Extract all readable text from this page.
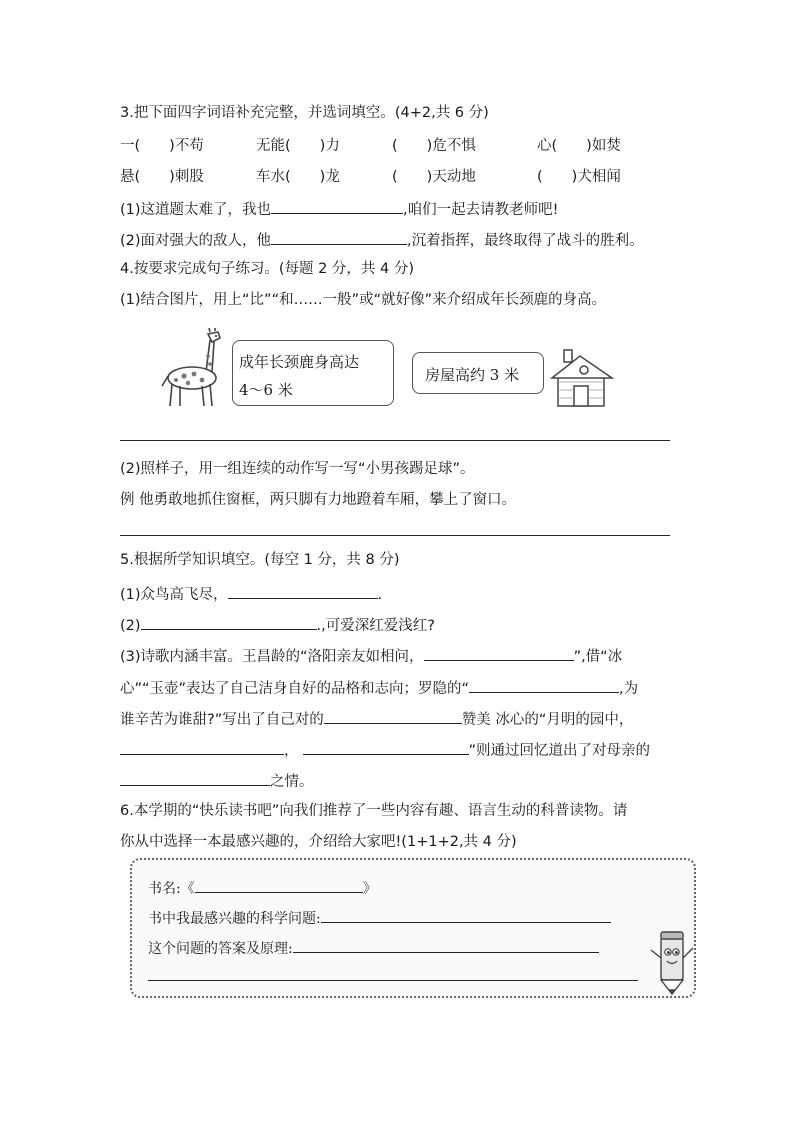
3.把下面四字词语补充完整，并选词填空。(4+2,共 6 分)
一(　　)不苟	无能(　　)力	(　　)危不惧	心(　　)如焚
悬(　　)刺股	车水(　　)龙	(　　)天动地	(　　)犬相闻
(1)这道题太难了，我也	,咱们一起去请教老师吧!
(2)面对强大的敌人，他	,沉着指挥，最终取得了战斗的胜利。
4.按要求完成句子练习。(每题 2 分，共 4 分)
(1)结合图片，用上“比”“和……一般”或“就好像”来介绍成年长颈鹿的身高。
成年长颈鹿身高达
4～6 米
房屋高约 3 米
(2)照样子，用一组连续的动作写一写“小男孩踢足球”。
例 他勇敢地抓住窗框，两只脚有力地蹬着车厢，攀上了窗口。
5.根据所学知识填空。(每空 1 分，共 8 分)
(1)众鸟高飞尽，	.
(2)	.,可爱深红爱浅红?
(3)诗歌内涵丰富。王昌龄的“洛阳亲友如相问，	”,借“冰
心”“玉壶”表达了自己洁身自好的品格和志向；罗隐的“	,为
谁辛苦为谁甜?”写出了自己对的	赞美 冰心的“月明的园中，
，	”则通过回忆道出了对母亲的
之情。
6.本学期的“快乐读书吧”向我们推荐了一些内容有趣、语言生动的科普读物。请
你从中选择一本最感兴趣的，介绍给大家吧!(1+1+2,共 4 分)
书名:《	》
书中我最感兴趣的科学问题:
这个问题的答案及原理:
